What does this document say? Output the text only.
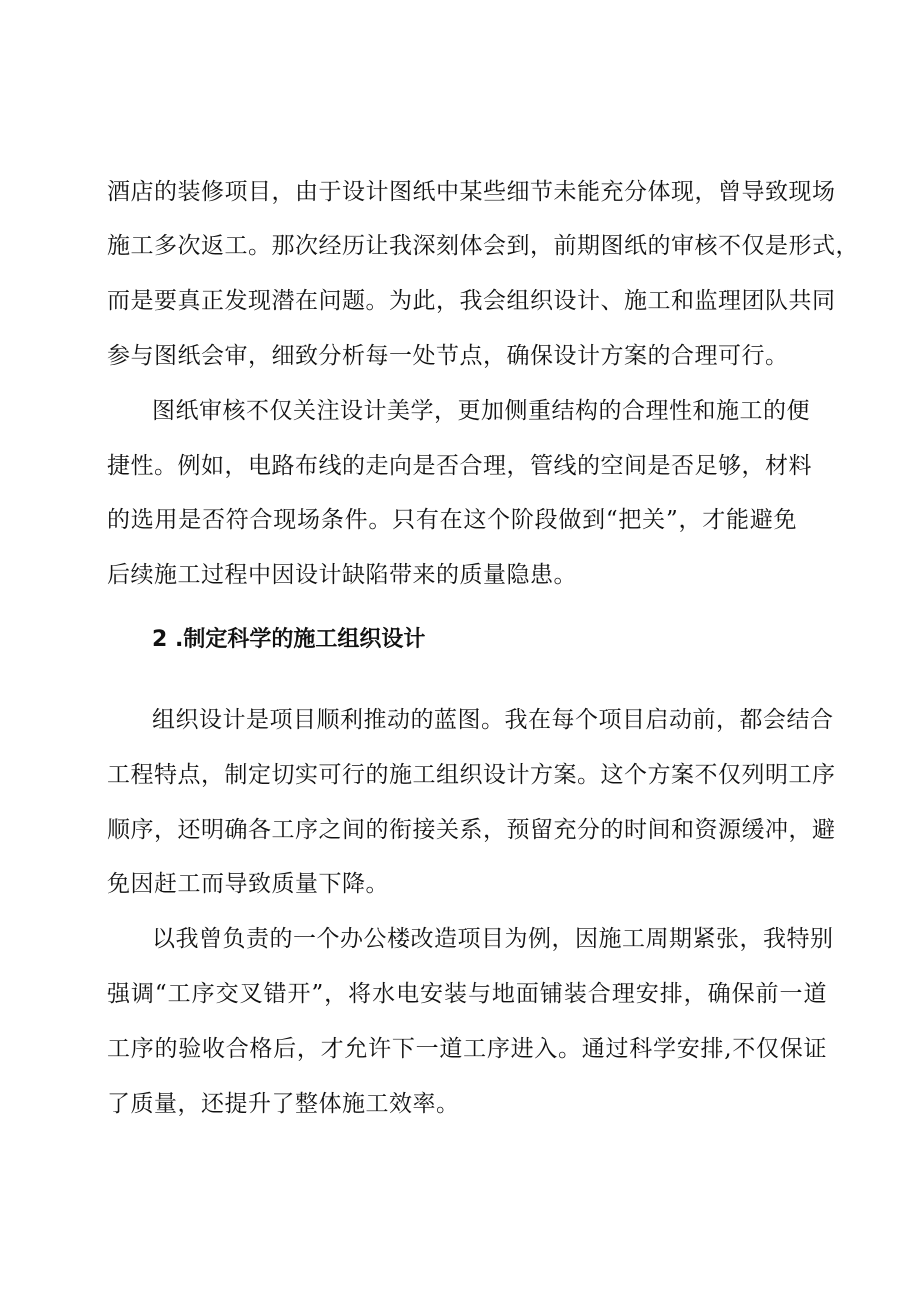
酒店的装修项目，由于设计图纸中某些细节未能充分体现，曾导致现场
施工多次返工。那次经历让我深刻体会到，前期图纸的审核不仅是形式，
而是要真正发现潜在问题。为此，我会组织设计、施工和监理团队共同
参与图纸会审，细致分析每一处节点，确保设计方案的合理可行。
图纸审核不仅关注设计美学，更加侧重结构的合理性和施工的便
捷性。例如，电路布线的走向是否合理，管线的空间是否足够，材料
的选用是否符合现场条件。只有在这个阶段做到“把关”，才能避免
后续施工过程中因设计缺陷带来的质量隐患。
2 .制定科学的施工组织设计
组织设计是项目顺利推动的蓝图。我在每个项目启动前，都会结合
工程特点，制定切实可行的施工组织设计方案。这个方案不仅列明工序
顺序，还明确各工序之间的衔接关系，预留充分的时间和资源缓冲，避
免因赶工而导致质量下降。
以我曾负责的一个办公楼改造项目为例，因施工周期紧张，我特别
强调“工序交叉错开”，将水电安装与地面铺装合理安排，确保前一道
工序的验收合格后，才允许下一道工序进入。通过科学安排,不仅保证
了质量，还提升了整体施工效率。
